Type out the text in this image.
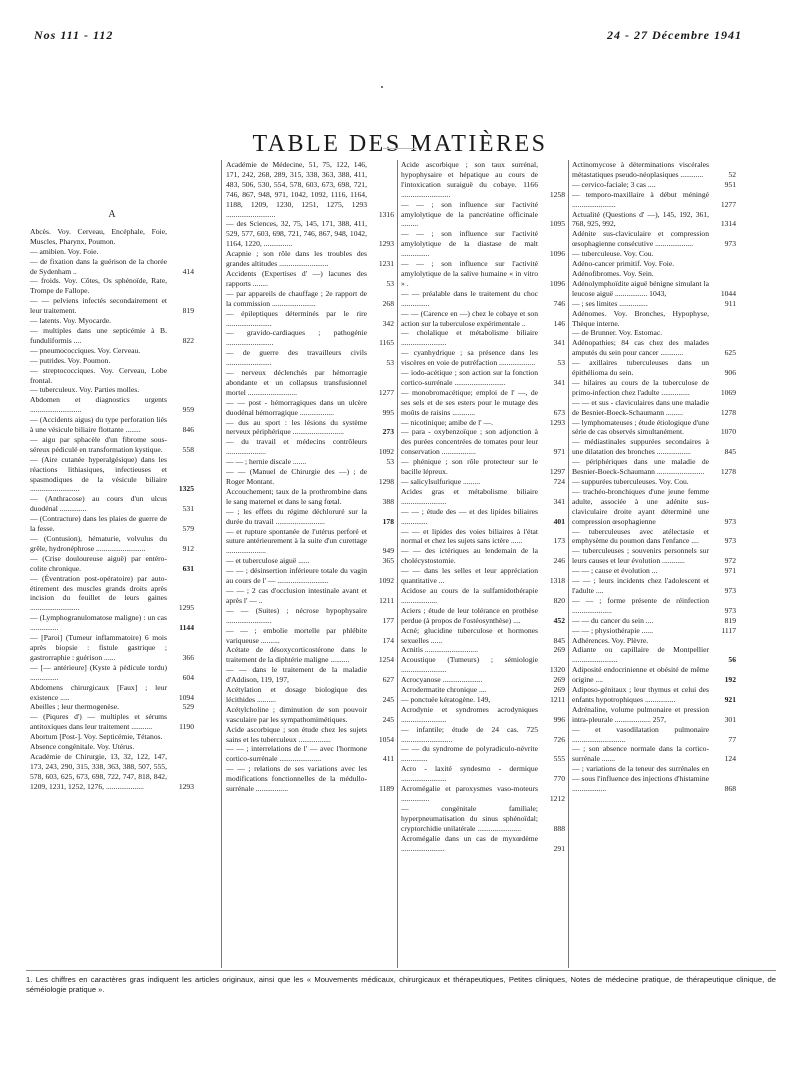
Nos 111 - 112	24 - 27 Décembre 1941
TABLE DES MATIÈRES
A
Abcès. Voy. Cerveau, Encéphale, Foie, Muscles, Pharynx, Poumon.
— amibien. Voy. Foie.
— de fixation dans la guérison de la chorée de Sydenham ..	414
— froids. Voy. Côtes, Os sphénoïde, Rate, Trompe de Fallope.
— — pelviens infectés secondairement et leur traitement.	819
— latents. Voy. Myocarde.
— multiples dans une septicémie à B. funduliformis ....	822
— pneumococciques. Voy. Cerveau.
— putrides. Voy. Poumon.
— streptococciques. Voy. Cerveau, Lobe frontal.
— tuberculeux. Voy. Parties molles.
Abdomen et diagnostics urgents ...........................	959
— (Accidents aigus) du type perforation liés à une vésicule biliaire flottante ........	846
— aigu par sphacèle d'un fibrome sous-séreux pédiculé en transformation kystique.	558
— (Aire cutanée hyperalgésique) dans les réactions lithiasiques, infectieuses et spasmodiques de la vésicule biliaire ..........................	1325
— (Anthracose) au cours d'un ulcus duodénal ..............	531
— (Contracture) dans les plaies de guerre de la fesse.	579
— (Contusion), hématurie, volvulus du grêle, hydronéphrose ..........................	912
— (Crise douloureuse aiguë) par entéro-colite chronique.	631
— (Éventration post-opératoire) par auto-étirement des muscles grands droits après incision du feuillet de leurs gaines ..........................	1295
— (Lymphogranulomatose maligne) : un cas ...............	1144
— [Paroi] (Tumeur inflammatoire) 6 mois après biopsie : fistule gastrique ; gastrorraphie : guérison ......	366
— [— antérieure] (Kyste à pédicule tordu) ...............	604
Abdomens chirurgicaux [Faux] ; leur existence .....	1094
Abeilles ; leur thermogenèse.	529
— (Piqures d') — multiples et sérums antitoxiques dans leur traitement ...........	1190
Abortum [Post-]. Voy. Septicémie, Tétanos.
Absence congénitale. Voy. Utérus.
Académie de Chirurgie, 13, 32, 122, 147, 173, 243, 290, 315, 338, 363, 388, 507, 555, 578, 603, 625, 673, 698, 722, 747, 818, 842, 1209, 1231, 1252, 1276, ....................	1293
Académie de Médecine, 51, 75, 122, 146, 171, 242, 268, 289, 315, 338, 363, 388, 411, 483, 506, 530, 554, 578, 603, 673, 698, 721, 746, 867, 948, 971, 1042, 1092, 1116, 1164, 1188, 1209, 1230, 1251, 1275, 1293 ..........................	1316
— des Sciences, 32, 75, 145, 171, 388, 411, 529, 577, 603, 698, 721, 746, 867, 948, 1042, 1164, 1220, ...............	1293
Acapnie ; son rôle dans les troubles des grandes altitudes ..........................	1231
Accidents (Expertises d' —) lacunes des rapports ........	53
— par appareils de chauffage ; 2e rapport de la commission .......................	268
— épileptiques déterminés par le rire ........................	342
— gravido-cardiaques ; pathogénie .........................	1165
— de guerre des travailleurs civils ........................	53
— nerveux déclenchés par hémorragie abondante et un collapsus transfusionnel mortel ..........................	1277
— — post - hémorragiques dans un ulcère duodénal hémorragique ..................	995
— dus au sport : les lésions du système nerveux périphérique ...........................	273
— du travail et médecins contrôleurs .....................	1092
— — ; hernie discale .......	53
— — (Manuel de Chirurgie des —) ; de Roger Montant.	1298
Accouchement; taux de la prothrombine dans le sang maternel et dans le sang fœtal.	388
— ; les effets du régime déchloruré sur la durée du travail ..........................	178
— et rupture spontanée de l'utérus perforé et suture antérieurement à la suite d'un curettage .....................	949
— et tuberculose aiguë ......	365
— — ; désinsertion inférieure totale du vagin au cours de l' — ...........................	1092
— — ; 2 cas d'occlusion intestinale avant et après l' — ..	1211
— — (Suites) ; nécrose hypophysaire ........................	177
— — ; embolie mortelle par phlébite variqueuse ..........	174
Acétate de désoxycorticostérone dans le traitement de la diphtérie maligne ..........	1254
— — dans le traitement de la maladie d'Addison, 119, 197,	627
Acétylation et dosage biologique des lécithides ..........	245
Acétylcholine ; diminution de son pouvoir vasculaire par les sympathomimétiques.	245
Acide ascorbique ; son étude chez les sujets sains et les tuberculeux .................	1054
— — ; interrelations de l' — avec l'hormone cortico-surrénale ......................	411
— — ; relations de ses variations avec les modifications fonctionnelles de la médullo-surrénale .................	1189
Acide ascorbique ; son taux surrénal, hypophysaire et hépatique au cours de l'intoxication suraiguë du cobaye. 1166 ..........................	1258
— — ; son influence sur l'activité amylolytique de la pancréatine officinale .........	1095
— — ; son influence sur l'activité amylolytique de la diastase de malt ...............	1096
— — ; son influence sur l'activité amylolytique de la salive humaine « in vitro » .	1096
— — préalable dans le traitement du choc ...............	746
— — (Carence en —) chez le cobaye et son action sur la tuberculose expérimentale ..	146
— cholalique et métabolisme biliaire ........................	341
— cyanhydrique ; sa présence dans les viscères en voie de putréfaction ...................	53
— iodo-acétique ; son action sur la fonction cortico-surrénale ...........................	341
— monobromacétique; emploi de l' —, de ses sels et de ses esters pour le mutage des moûts de raisins ............	673
— nicotinique; amibe de l' —.	1293
— para - oxybenzoïque ; son adjonction à des purées concentrées de tomates pour leur conservation ..................	971
— phénique ; son rôle protecteur sur le bacille lépreux.	1297
— salicylsulfurique .........	724
Acides gras et métabolisme biliaire ........................	341
— — ; étude des — et des lipides biliaires ..............	401
— — et lipides des voies biliaires à l'état normal et chez les sujets sans ictère ......	173
— — des ictériques au lendemain de la cholécystostomie.	246
— — dans les selles et leur appréciation quantitative ...	1318
Acidose au cours de la sulfamidothérapie ...................	820
Aciers ; étude de leur tolérance en prothèse perdue (à propos de l'ostéosynthèse) ....	452
Acné; glucidine tuberculose et hormones sexuelles ......	845
Acnitis ............................	269
Acoustique (Tumeurs) ; sémiologie ........................	1320
Acrocyanose .....................	269
Acrodermatite chronique ....	269
— ponctuée kératogène. 149,	1211
Acrodynie et syndromes acrodyniques ........................	996
— infantile; étude de 24 cas. 725 ...........................	726
— — du syndrome de polyradiculo-névrite ..............	555
Acro - laxité syndesmo - dermique ........................	770
Acromégalie et paroxysmes vaso-moteurs ...............	1212
— congénitale familiale; hyperpneumatisation du sinus sphénoïdal; cryptorchidie unilatérale .......................	888
Acromégalie dans un cas de myxœdème .......................	291
Actinomycose à déterminations viscérales métastatiques pseudo-néoplasiques ............	52
— cervico-faciale; 3 cas ....	951
— temporo-maxillaire à début méningé .......................	1277
Actualité (Questions d' —), 145, 192, 361, 768, 925, 992,	1314
Adénite sus-claviculaire et compression œsophagienne consécutive ....................	973
— tuberculeuse. Voy. Cou.
Adéno-cancer primitif. Voy. Foie.
Adénofibromes. Voy. Sein.
Adénolymphoïdite aiguë bénigne simulant la leucose aiguë ................. 1043,	1044
— ; ses limites ...............	911
Adénomes. Voy. Bronches, Hypophyse, Thèque interne.
— de Brunner. Voy. Estomac.
Adénopathies; 84 cas chez des malades amputés du sein pour cancer ............	625
— axillaires tuberculeuses dans un épithélioma du sein.	906
— hilaires au cours de la tuberculose de primo-infection chez l'adulte ...............	1069
— — et sus - claviculaires dans une maladie de Besnier-Boeck-Schaumann .........	1278
— lymphomateuses ; étude étiologique d'une série de cas observés simultanément.	1070
— médiastinales suppurées secondaires à une dilatation des bronches ..................	845
— périphériques dans une maladie de Besnier-Boeck-Schaumann .........................	1278
— suppurées tuberculeuses. Voy. Cou.
— trachéo-bronchiques d'une jeune femme adulte, associée à une adénite sus-claviculaire droite ayant déterminé une compression œsophagienne	973
— tuberculeuses avec atélectasie et emphysème du poumon dans l'enfance ....	973
— tuberculeuses ; souvenirs personnels sur leurs causes et leur évolution ............	972
— — ; cause et évolution ...	971
— — ; leurs incidents chez l'adolescent et l'adulte ....	973
— — ; forme présente de réinfection .....................	973
— — du cancer du sein ....	819
— — ; physiothérapie ......	1117
Adhérences. Voy. Plèvre.
Adiante ou capillaire de Montpellier ........................	56
Adiposité endocrinienne et obésité de même origine ....	192
Adiposo-génitaux ; leur thymus et celui des enfants hypotrophiques ................	921
Adrénaline, volume pulmonaire et pression intra-pleurale ................... 257,	301
— et vasodilatation pulmonaire ............................	77
— ; son absence normale dans la cortico-surrénale .......	124
— ; variations de la teneur des surrénales en — sous l'influence des injections d'histamine ..................	868
1. Les chiffres en caractères gras indiquent les articles originaux, ainsi que les « Mouvements médicaux, chirurgicaux et thérapeutiques, Petites cliniques, Notes de médecine pratique, de thérapeutique clinique, de séméiologie pratique ».
